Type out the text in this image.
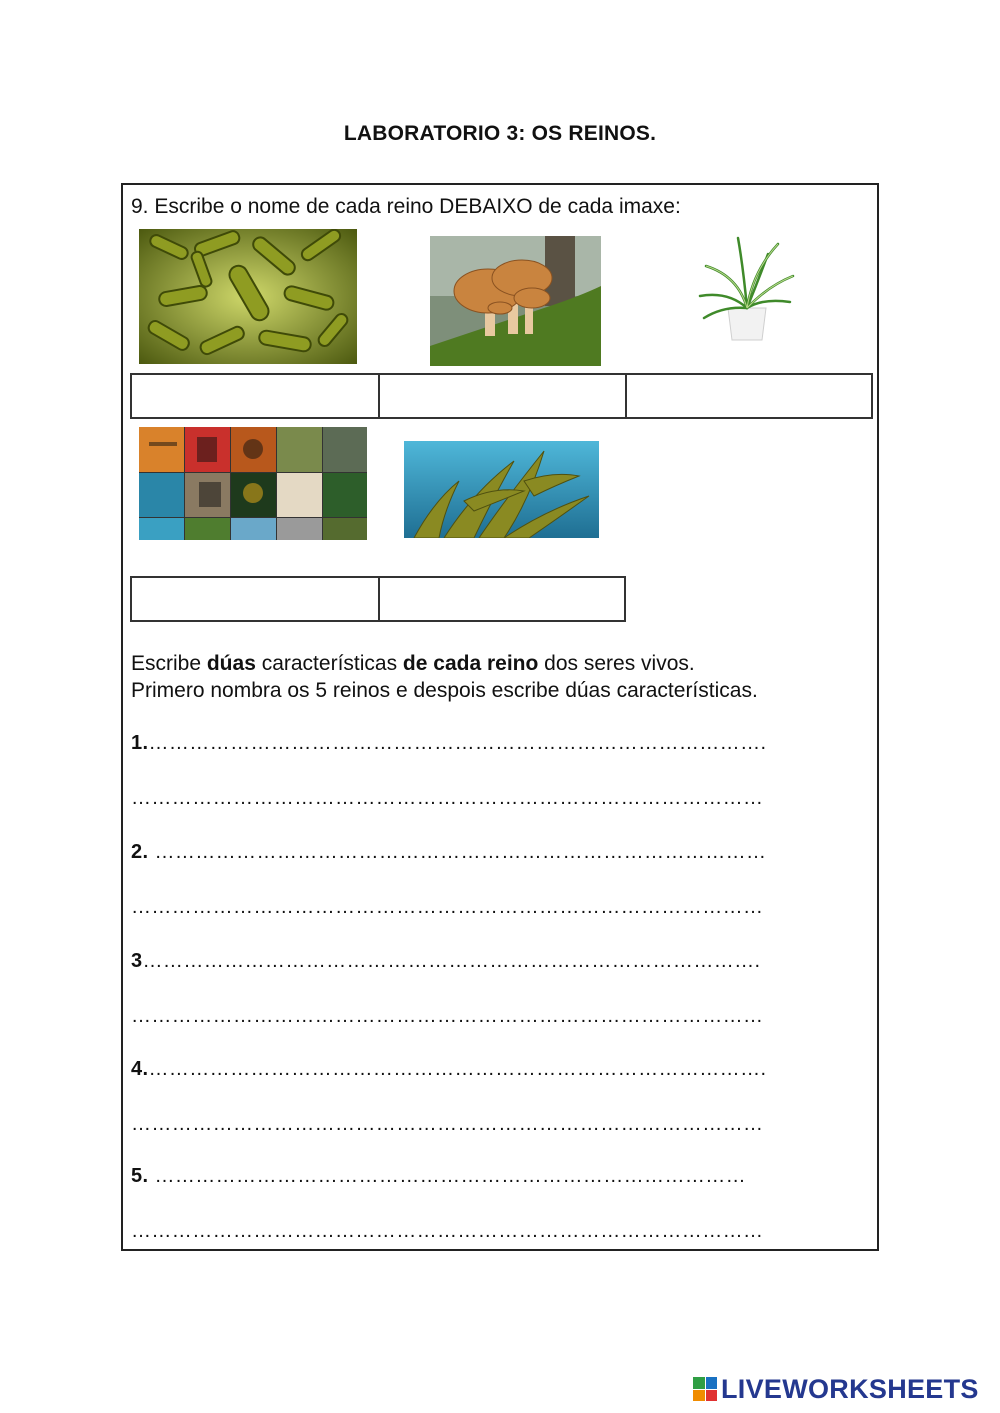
LABORATORIO 3: OS REINOS.
9. Escribe o nome de cada reino DEBAIXO de cada imaxe:
Escribe dúas características de cada reino dos seres vivos.
Primero nombra os 5 reinos e despois escribe dúas características.
1.……………………………………………………………………………….
…………………………………………………………………………………
2. ………………………………………………………………………………
…………………………………………………………………………………
3……………………………………………………………………………….
…………………………………………………………………………………
4.……………………………………………………………………………….
…………………………………………………………………………………
5. ……………………………………………………………………………
…………………………………………………………………………………
LIVEWORKSHEETS
